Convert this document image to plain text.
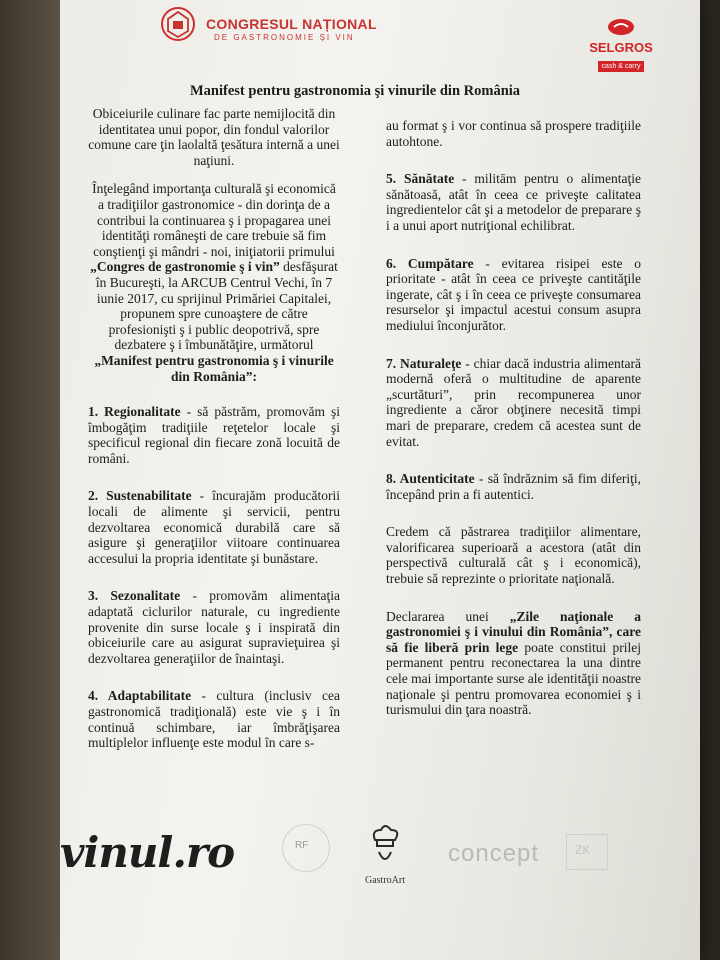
CONGRESUL NAȚIONAL
DE GASTRONOMIE ȘI VIN
SELGROS
cash & carry
Manifest pentru gastronomia şi vinurile din România

Obiceiurile culinare fac parte nemijlocită din identitatea unui popor, din fondul valorilor comune care ţin laolaltă ţesătura internă a unei naţiuni.

Înţelegând importanţa culturală şi economică a tradiţiilor gastronomice - din dorinţa de a contribui la continuarea ş i propagarea unei identităţi româneşti de care trebuie să fim conştienţi şi mândri - noi, iniţiatorii primului „Congres de gastronomie ş i vin” desfăşurat în Bucureşti, la ARCUB Centrul Vechi, în 7 iunie 2017, cu sprijinul Primăriei Capitalei, propunem spre cunoaştere de către profesionişti ş i public deopotrivă, spre dezbatere ş i îmbunătăţire, următorul „Manifest pentru gastronomia ş i vinurile din România”:

1. Regionalitate - să păstrăm, promovăm şi îmbogăţim tradiţiile reţetelor locale şi specificul regional din fiecare zonă locuită de români.

2. Sustenabilitate - încurajăm producătorii locali de alimente şi servicii, pentru dezvoltarea economică durabilă care să asigure şi generaţiilor viitoare continuarea accesului la propria identitate şi bunăstare.

3. Sezonalitate - promovăm alimentaţia adaptată ciclurilor naturale, cu ingrediente provenite din surse locale ş i inspirată din obiceiurile care au asigurat supravieţuirea şi dezvoltarea generaţiilor de înaintaşi.

4. Adaptabilitate - cultura (inclusiv cea gastronomică tradiţională) este vie ş i în continuă schimbare, iar îmbrăţişarea multiplelor influenţe este modul în care s-

au format ş i vor continua să prospere tradiţiile autohtone.

5. Sănătate - militām pentru o alimentaţie sănătoasă, atât în ceea ce priveşte calitatea ingredientelor cât şi a metodelor de preparare ş i a unui aport nutriţional echilibrat.

6. Cumpătare - evitarea risipei este o prioritate - atât în ceea ce priveşte cantităţile ingerate, cât ş i în ceea ce priveşte consumarea resurselor şi impactul acestui consum asupra mediului înconjurător.

7. Naturaleţe - chiar dacă industria alimentară modernă oferă o multitudine de aparente „scurtături”, prin recompunerea unor ingrediente a căror obţinere necesită timpi mari de preparare, credem că acestea sunt de evitat.

8. Autenticitate - să îndrăznim să fim diferiţi, începând prin a fi autentici.

Credem că păstrarea tradiţiilor alimentare, valorificarea superioară a acestora (atât din perspectivă culturală cât ş i economică), trebuie să reprezinte o prioritate naţională.

Declararea unei „Zile naţionale a gastronomiei ş i vinului din România”, care să fie liberă prin lege poate constitui prilej permanent pentru reconectarea la una dintre cele mai importante surse ale identităţii noastre naţionale şi pentru promovarea economiei ş i turismului din ţara noastră.

vinul.ro	RF
GastroArt
concept	ZK
